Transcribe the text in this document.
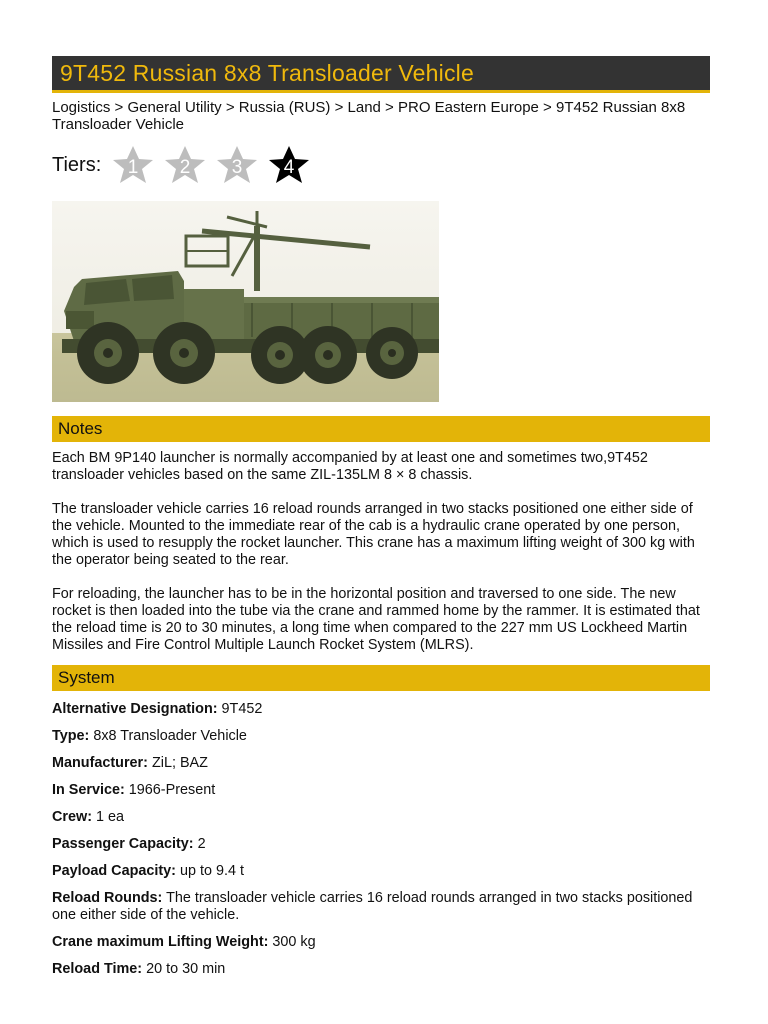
9T452 Russian 8x8 Transloader Vehicle
Logistics > General Utility > Russia (RUS) > Land > PRO Eastern Europe > 9T452 Russian 8x8 Transloader Vehicle
Tiers: 1 2 3 4
Notes

Each BM 9P140 launcher is normally accompanied by at least one and sometimes two,9T452 transloader vehicles based on the same ZIL-135LM 8 × 8 chassis.

The transloader vehicle carries 16 reload rounds arranged in two stacks positioned one either side of the vehicle. Mounted to the immediate rear of the cab is a hydraulic crane operated by one person, which is used to resupply the rocket launcher. This crane has a maximum lifting weight of 300 kg with the operator being seated to the rear.

For reloading, the launcher has to be in the horizontal position and traversed to one side. The new rocket is then loaded into the tube via the crane and rammed home by the rammer. It is estimated that the reload time is 20 to 30 minutes, a long time when compared to the 227 mm US Lockheed Martin Missiles and Fire Control Multiple Launch Rocket System (MLRS).

System
Alternative Designation: 9T452
Type: 8x8 Transloader Vehicle
Manufacturer: ZiL; BAZ
In Service: 1966-Present
Crew: 1 ea
Passenger Capacity: 2
Payload Capacity: up to 9.4 t
Reload Rounds: The transloader vehicle carries 16 reload rounds arranged in two stacks positioned one either side of the vehicle.
Crane maximum Lifting Weight: 300 kg
Reload Time: 20 to 30 min
